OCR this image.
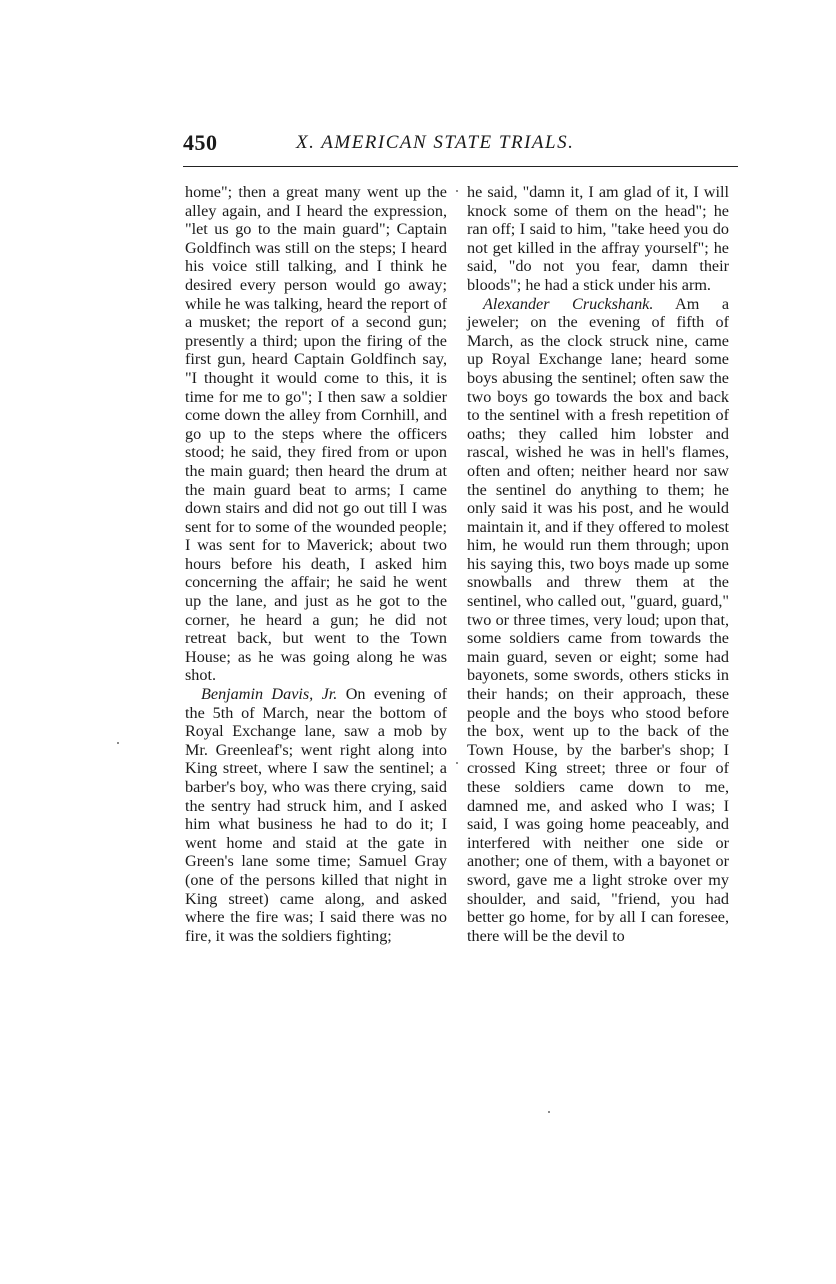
450	X. AMERICAN STATE TRIALS.

home"; then a great many went up the alley again, and I heard the expression, "let us go to the main guard"; Captain Goldfinch was still on the steps; I heard his voice still talking, and I think he desired every person would go away; while he was talking, heard the report of a musket; the report of a second gun; presently a third; upon the firing of the first gun, heard Captain Goldfinch say, "I thought it would come to this, it is time for me to go"; I then saw a soldier come down the alley from Cornhill, and go up to the steps where the officers stood; he said, they fired from or upon the main guard; then heard the drum at the main guard beat to arms; I came down stairs and did not go out till I was sent for to some of the wounded people; I was sent for to Maverick; about two hours before his death, I asked him concerning the affair; he said he went up the lane, and just as he got to the corner, he heard a gun; he did not retreat back, but went to the Town House; as he was going along he was shot.

Benjamin Davis, Jr. On evening of the 5th of March, near the bottom of Royal Exchange lane, saw a mob by Mr. Greenleaf's; went right along into King street, where I saw the sentinel; a barber's boy, who was there crying, said the sentry had struck him, and I asked him what business he had to do it; I went home and staid at the gate in Green's lane some time; Samuel Gray (one of the persons killed that night in King street) came along, and asked where the fire was; I said there was no fire, it was the soldiers fighting;

he said, "damn it, I am glad of it, I will knock some of them on the head"; he ran off; I said to him, "take heed you do not get killed in the affray yourself"; he said, "do not you fear, damn their bloods"; he had a stick under his arm.

Alexander Cruckshank. Am a jeweler; on the evening of fifth of March, as the clock struck nine, came up Royal Exchange lane; heard some boys abusing the sentinel; often saw the two boys go towards the box and back to the sentinel with a fresh repetition of oaths; they called him lobster and rascal, wished he was in hell's flames, often and often; neither heard nor saw the sentinel do anything to them; he only said it was his post, and he would maintain it, and if they offered to molest him, he would run them through; upon his saying this, two boys made up some snowballs and threw them at the sentinel, who called out, "guard, guard," two or three times, very loud; upon that, some soldiers came from towards the main guard, seven or eight; some had bayonets, some swords, others sticks in their hands; on their approach, these people and the boys who stood before the box, went up to the back of the Town House, by the barber's shop; I crossed King street; three or four of these soldiers came down to me, damned me, and asked who I was; I said, I was going home peaceably, and interfered with neither one side or another; one of them, with a bayonet or sword, gave me a light stroke over my shoulder, and said, "friend, you had better go home, for by all I can foresee, there will be the devil to
